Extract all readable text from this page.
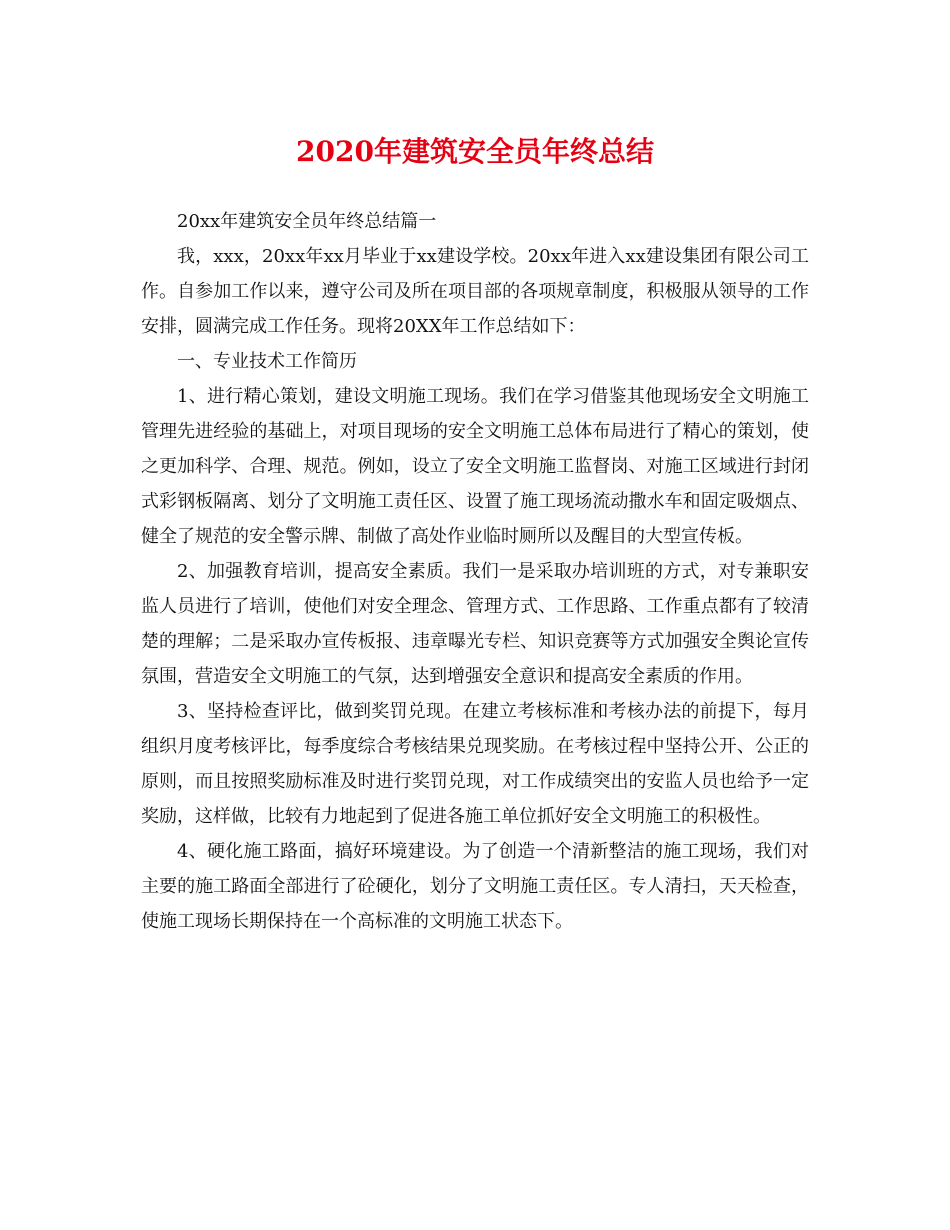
2020年建筑安全员年终总结

20xx年建筑安全员年终总结篇一

我，xxx，20xx年xx月毕业于xx建设学校。20xx年进入xx建设集团有限公司工作。自参加工作以来，遵守公司及所在项目部的各项规章制度，积极服从领导的工作安排，圆满完成工作任务。现将20XX年工作总结如下：

一、专业技术工作简历

1、进行精心策划，建设文明施工现场。我们在学习借鉴其他现场安全文明施工管理先进经验的基础上，对项目现场的安全文明施工总体布局进行了精心的策划，使之更加科学、合理、规范。例如，设立了安全文明施工监督岗、对施工区域进行封闭式彩钢板隔离、划分了文明施工责任区、设置了施工现场流动撒水车和固定吸烟点、健全了规范的安全警示牌、制做了高处作业临时厕所以及醒目的大型宣传板。

2、加强教育培训，提高安全素质。我们一是采取办培训班的方式，对专兼职安监人员进行了培训，使他们对安全理念、管理方式、工作思路、工作重点都有了较清楚的理解；二是采取办宣传板报、违章曝光专栏、知识竞赛等方式加强安全舆论宣传氛围，营造安全文明施工的气氛，达到增强安全意识和提高安全素质的作用。

3、坚持检查评比，做到奖罚兑现。在建立考核标准和考核办法的前提下，每月组织月度考核评比，每季度综合考核结果兑现奖励。在考核过程中坚持公开、公正的原则，而且按照奖励标准及时进行奖罚兑现，对工作成绩突出的安监人员也给予一定奖励，这样做，比较有力地起到了促进各施工单位抓好安全文明施工的积极性。

4、硬化施工路面，搞好环境建设。为了创造一个清新整洁的施工现场，我们对主要的施工路面全部进行了砼硬化，划分了文明施工责任区。专人清扫，天天检查，使施工现场长期保持在一个高标准的文明施工状态下。
